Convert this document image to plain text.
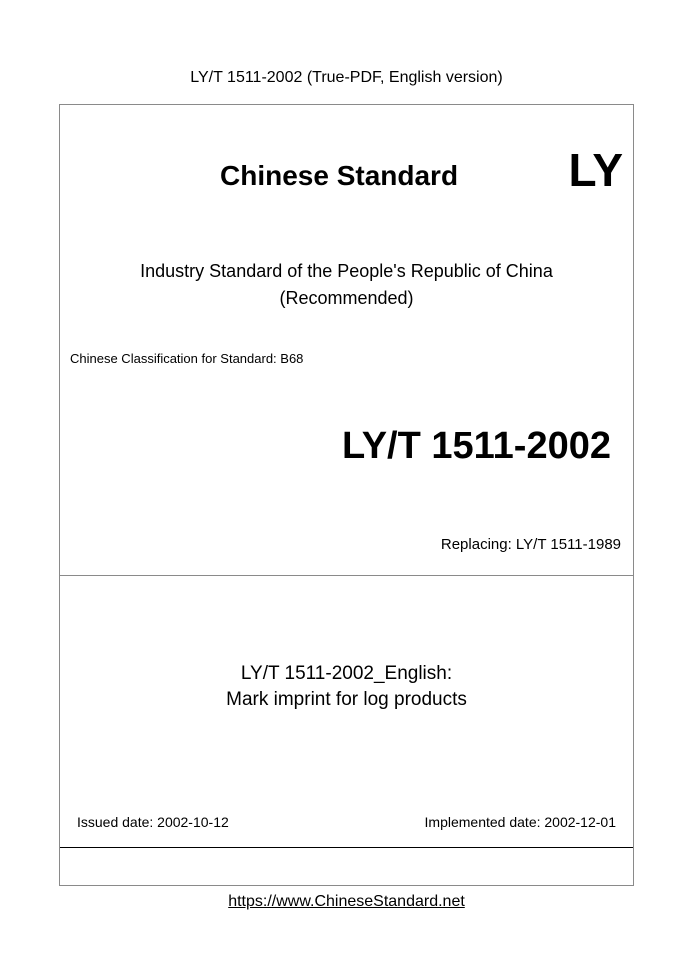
LY/T 1511-2002 (True-PDF, English version)
Chinese Standard LY
Industry Standard of the People's Republic of China
(Recommended)
Chinese Classification for Standard: B68
LY/T 1511-2002
Replacing: LY/T 1511-1989
LY/T 1511-2002_English:
Mark imprint for log products
Issued date: 2002-10-12	Implemented date: 2002-12-01
https://www.ChineseStandard.net
